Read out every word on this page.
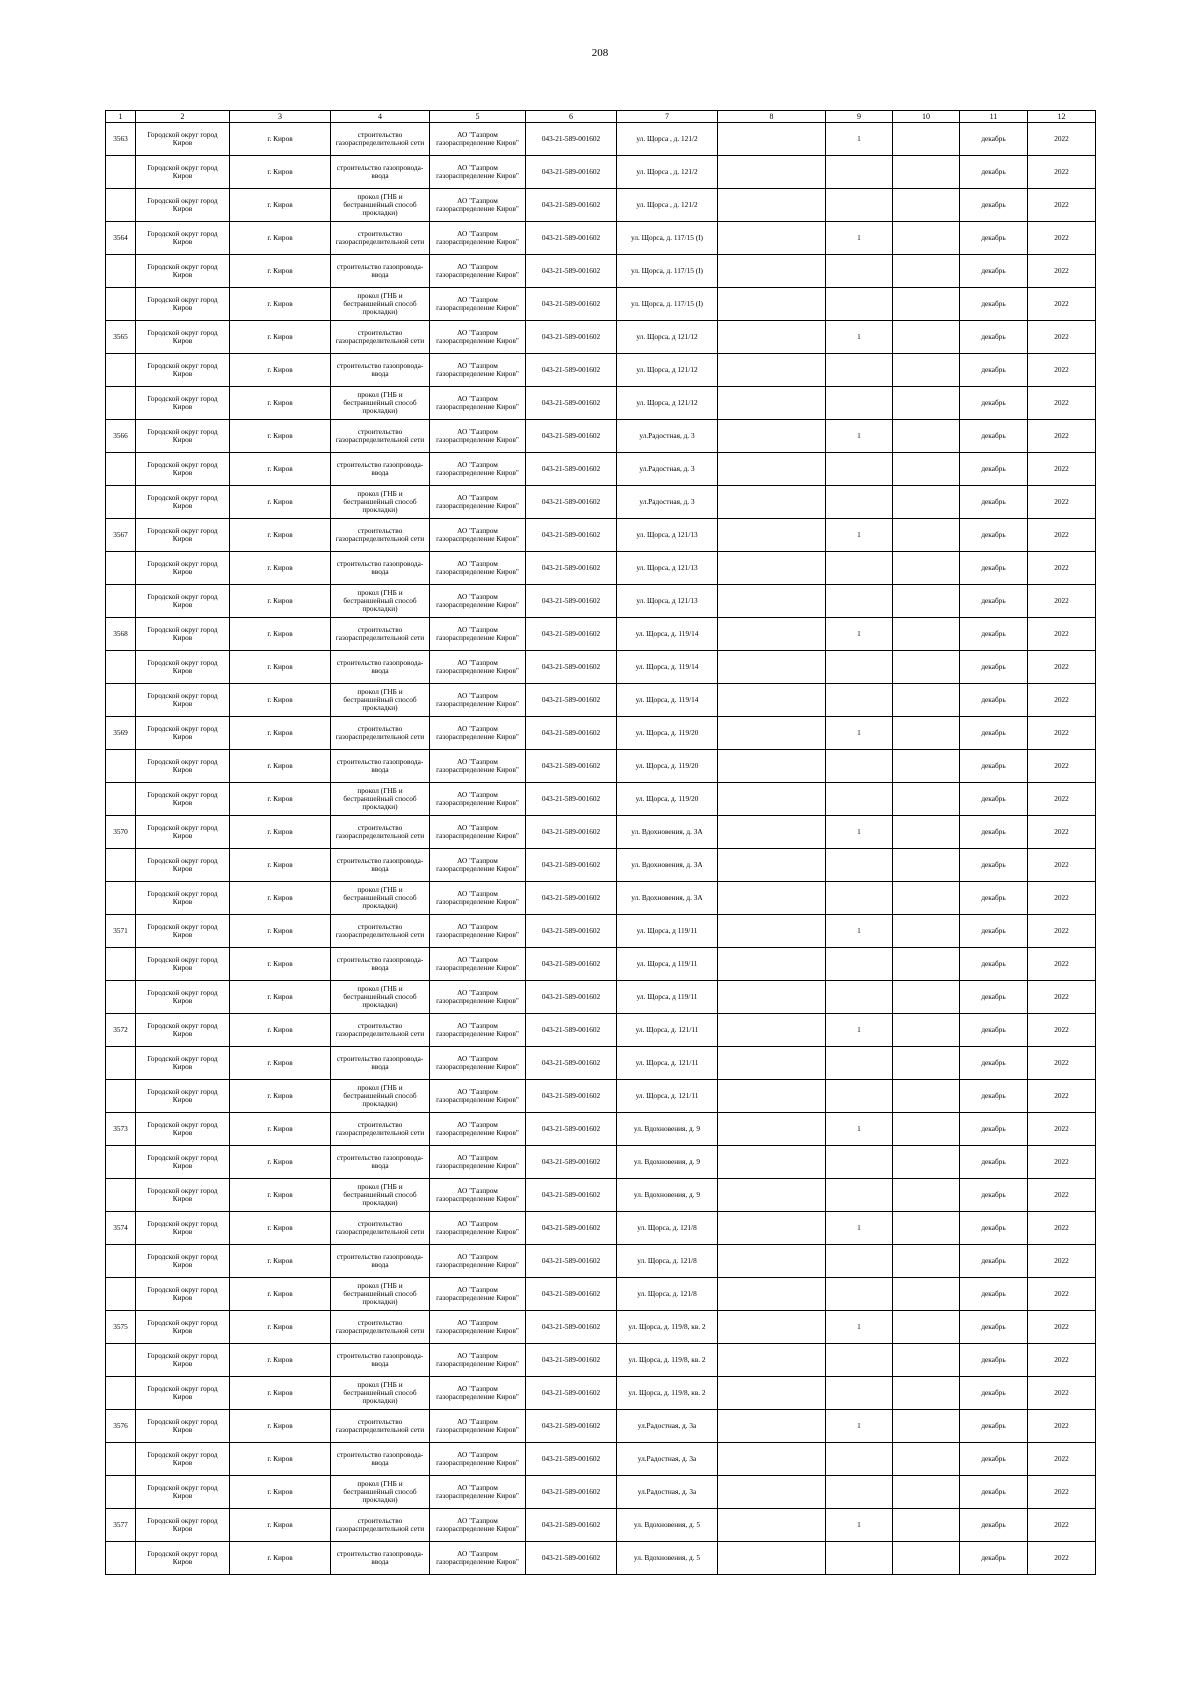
208
1	2	3	4	5	6	7	8	9	10	11	12

3563	Городской округ город Киров	г. Киров	строительство газораспределительной сети	АО "Газпром газораспределение Киров"	043-21-589-001602	ул. Щорса , д. 121/2		1		декабрь	2022

	Городской округ город Киров	г. Киров	строительство газопровода-ввода	АО "Газпром газораспределение Киров"	043-21-589-001602	ул. Щорса , д. 121/2				декабрь	2022

	Городской округ город Киров	г. Киров	прокол (ГНБ и бестраншейный способ прокладки)	АО "Газпром газораспределение Киров"	043-21-589-001602	ул. Щорса , д. 121/2				декабрь	2022

3564	Городской округ город Киров	г. Киров	строительство газораспределительной сети	АО "Газпром газораспределение Киров"	043-21-589-001602	ул. Щорса, д. 117/15 (I)		1		декабрь	2022

	Городской округ город Киров	г. Киров	строительство газопровода-ввода	АО "Газпром газораспределение Киров"	043-21-589-001602	ул. Щорса, д. 117/15 (I)				декабрь	2022

	Городской округ город Киров	г. Киров	прокол (ГНБ и бестраншейный способ прокладки)	АО "Газпром газораспределение Киров"	043-21-589-001602	ул. Щорса, д. 117/15 (I)				декабрь	2022

3565	Городской округ город Киров	г. Киров	строительство газораспределительной сети	АО "Газпром газораспределение Киров"	043-21-589-001602	ул. Щорса, д 121/12		1		декабрь	2022

	Городской округ город Киров	г. Киров	строительство газопровода-ввода	АО "Газпром газораспределение Киров"	043-21-589-001602	ул. Щорса, д 121/12				декабрь	2022

	Городской округ город Киров	г. Киров	прокол (ГНБ и бестраншейный способ прокладки)	АО "Газпром газораспределение Киров"	043-21-589-001602	ул. Щорса, д 121/12				декабрь	2022

3566	Городской округ город Киров	г. Киров	строительство газораспределительной сети	АО "Газпром газораспределение Киров"	043-21-589-001602	ул.Радостная, д. 3		1		декабрь	2022

	Городской округ город Киров	г. Киров	строительство газопровода-ввода	АО "Газпром газораспределение Киров"	043-21-589-001602	ул.Радостная, д. 3				декабрь	2022

	Городской округ город Киров	г. Киров	прокол (ГНБ и бестраншейный способ прокладки)	АО "Газпром газораспределение Киров"	043-21-589-001602	ул.Радостная, д. 3				декабрь	2022

3567	Городской округ город Киров	г. Киров	строительство газораспределительной сети	АО "Газпром газораспределение Киров"	043-21-589-001602	ул. Щорса, д 121/13		1		декабрь	2022

	Городской округ город Киров	г. Киров	строительство газопровода-ввода	АО "Газпром газораспределение Киров"	043-21-589-001602	ул. Щорса, д 121/13				декабрь	2022

	Городской округ город Киров	г. Киров	прокол (ГНБ и бестраншейный способ прокладки)	АО "Газпром газораспределение Киров"	043-21-589-001602	ул. Щорса, д 121/13				декабрь	2022

3568	Городской округ город Киров	г. Киров	строительство газораспределительной сети	АО "Газпром газораспределение Киров"	043-21-589-001602	ул. Щорса, д. 119/14		1		декабрь	2022

	Городской округ город Киров	г. Киров	строительство газопровода-ввода	АО "Газпром газораспределение Киров"	043-21-589-001602	ул. Щорса, д. 119/14				декабрь	2022

	Городской округ город Киров	г. Киров	прокол (ГНБ и бестраншейный способ прокладки)	АО "Газпром газораспределение Киров"	043-21-589-001602	ул. Щорса, д. 119/14				декабрь	2022

3569	Городской округ город Киров	г. Киров	строительство газораспределительной сети	АО "Газпром газораспределение Киров"	043-21-589-001602	ул. Щорса, д. 119/20		1		декабрь	2022

	Городской округ город Киров	г. Киров	строительство газопровода-ввода	АО "Газпром газораспределение Киров"	043-21-589-001602	ул. Щорса, д. 119/20				декабрь	2022

	Городской округ город Киров	г. Киров	прокол (ГНБ и бестраншейный способ прокладки)	АО "Газпром газораспределение Киров"	043-21-589-001602	ул. Щорса, д. 119/20				декабрь	2022

3570	Городской округ город Киров	г. Киров	строительство газораспределительной сети	АО "Газпром газораспределение Киров"	043-21-589-001602	ул. Вдохновения, д. 3А		1		декабрь	2022

	Городской округ город Киров	г. Киров	строительство газопровода-ввода	АО "Газпром газораспределение Киров"	043-21-589-001602	ул. Вдохновения, д. 3А				декабрь	2022

	Городской округ город Киров	г. Киров	прокол (ГНБ и бестраншейный способ прокладки)	АО "Газпром газораспределение Киров"	043-21-589-001602	ул. Вдохновения, д. 3А				декабрь	2022

3571	Городской округ город Киров	г. Киров	строительство газораспределительной сети	АО "Газпром газораспределение Киров"	043-21-589-001602	ул. Щорса, д 119/11		1		декабрь	2022

	Городской округ город Киров	г. Киров	строительство газопровода-ввода	АО "Газпром газораспределение Киров"	043-21-589-001602	ул. Щорса, д 119/11				декабрь	2022

	Городской округ город Киров	г. Киров	прокол (ГНБ и бестраншейный способ прокладки)	АО "Газпром газораспределение Киров"	043-21-589-001602	ул. Щорса, д 119/11				декабрь	2022

3572	Городской округ город Киров	г. Киров	строительство газораспределительной сети	АО "Газпром газораспределение Киров"	043-21-589-001602	ул. Щорса, д. 121/11		1		декабрь	2022

	Городской округ город Киров	г. Киров	строительство газопровода-ввода	АО "Газпром газораспределение Киров"	043-21-589-001602	ул. Щорса, д. 121/11				декабрь	2022

	Городской округ город Киров	г. Киров	прокол (ГНБ и бестраншейный способ прокладки)	АО "Газпром газораспределение Киров"	043-21-589-001602	ул. Щорса, д. 121/11				декабрь	2022

3573	Городской округ город Киров	г. Киров	строительство газораспределительной сети	АО "Газпром газораспределение Киров"	043-21-589-001602	ул. Вдохновения, д. 9		1		декабрь	2022

	Городской округ город Киров	г. Киров	строительство газопровода-ввода	АО "Газпром газораспределение Киров"	043-21-589-001602	ул. Вдохновения, д. 9				декабрь	2022

	Городской округ город Киров	г. Киров	прокол (ГНБ и бестраншейный способ прокладки)	АО "Газпром газораспределение Киров"	043-21-589-001602	ул. Вдохновения, д. 9				декабрь	2022

3574	Городской округ город Киров	г. Киров	строительство газораспределительной сети	АО "Газпром газораспределение Киров"	043-21-589-001602	ул. Щорса, д. 121/8		1		декабрь	2022

	Городской округ город Киров	г. Киров	строительство газопровода-ввода	АО "Газпром газораспределение Киров"	043-21-589-001602	ул. Щорса, д. 121/8				декабрь	2022

	Городской округ город Киров	г. Киров	прокол (ГНБ и бестраншейный способ прокладки)	АО "Газпром газораспределение Киров"	043-21-589-001602	ул. Щорса, д. 121/8				декабрь	2022

3575	Городской округ город Киров	г. Киров	строительство газораспределительной сети	АО "Газпром газораспределение Киров"	043-21-589-001602	ул. Щорса, д. 119/8, кв. 2		1		декабрь	2022

	Городской округ город Киров	г. Киров	строительство газопровода-ввода	АО "Газпром газораспределение Киров"	043-21-589-001602	ул. Щорса, д. 119/8, кв. 2				декабрь	2022

	Городской округ город Киров	г. Киров	прокол (ГНБ и бестраншейный способ прокладки)	АО "Газпром газораспределение Киров"	043-21-589-001602	ул. Щорса, д. 119/8, кв. 2				декабрь	2022

3576	Городской округ город Киров	г. Киров	строительство газораспределительной сети	АО "Газпром газораспределение Киров"	043-21-589-001602	ул.Радостная, д. 3а		1		декабрь	2022

	Городской округ город Киров	г. Киров	строительство газопровода-ввода	АО "Газпром газораспределение Киров"	043-21-589-001602	ул.Радостная, д. 3а				декабрь	2022

	Городской округ город Киров	г. Киров	прокол (ГНБ и бестраншейный способ прокладки)	АО "Газпром газораспределение Киров"	043-21-589-001602	ул.Радостная, д. 3а				декабрь	2022

3577	Городской округ город Киров	г. Киров	строительство газораспределительной сети	АО "Газпром газораспределение Киров"	043-21-589-001602	ул. Вдохновения, д. 5		1		декабрь	2022

	Городской округ город Киров	г. Киров	строительство газопровода-ввода	АО "Газпром газораспределение Киров"	043-21-589-001602	ул. Вдохновения, д. 5				декабрь	2022
